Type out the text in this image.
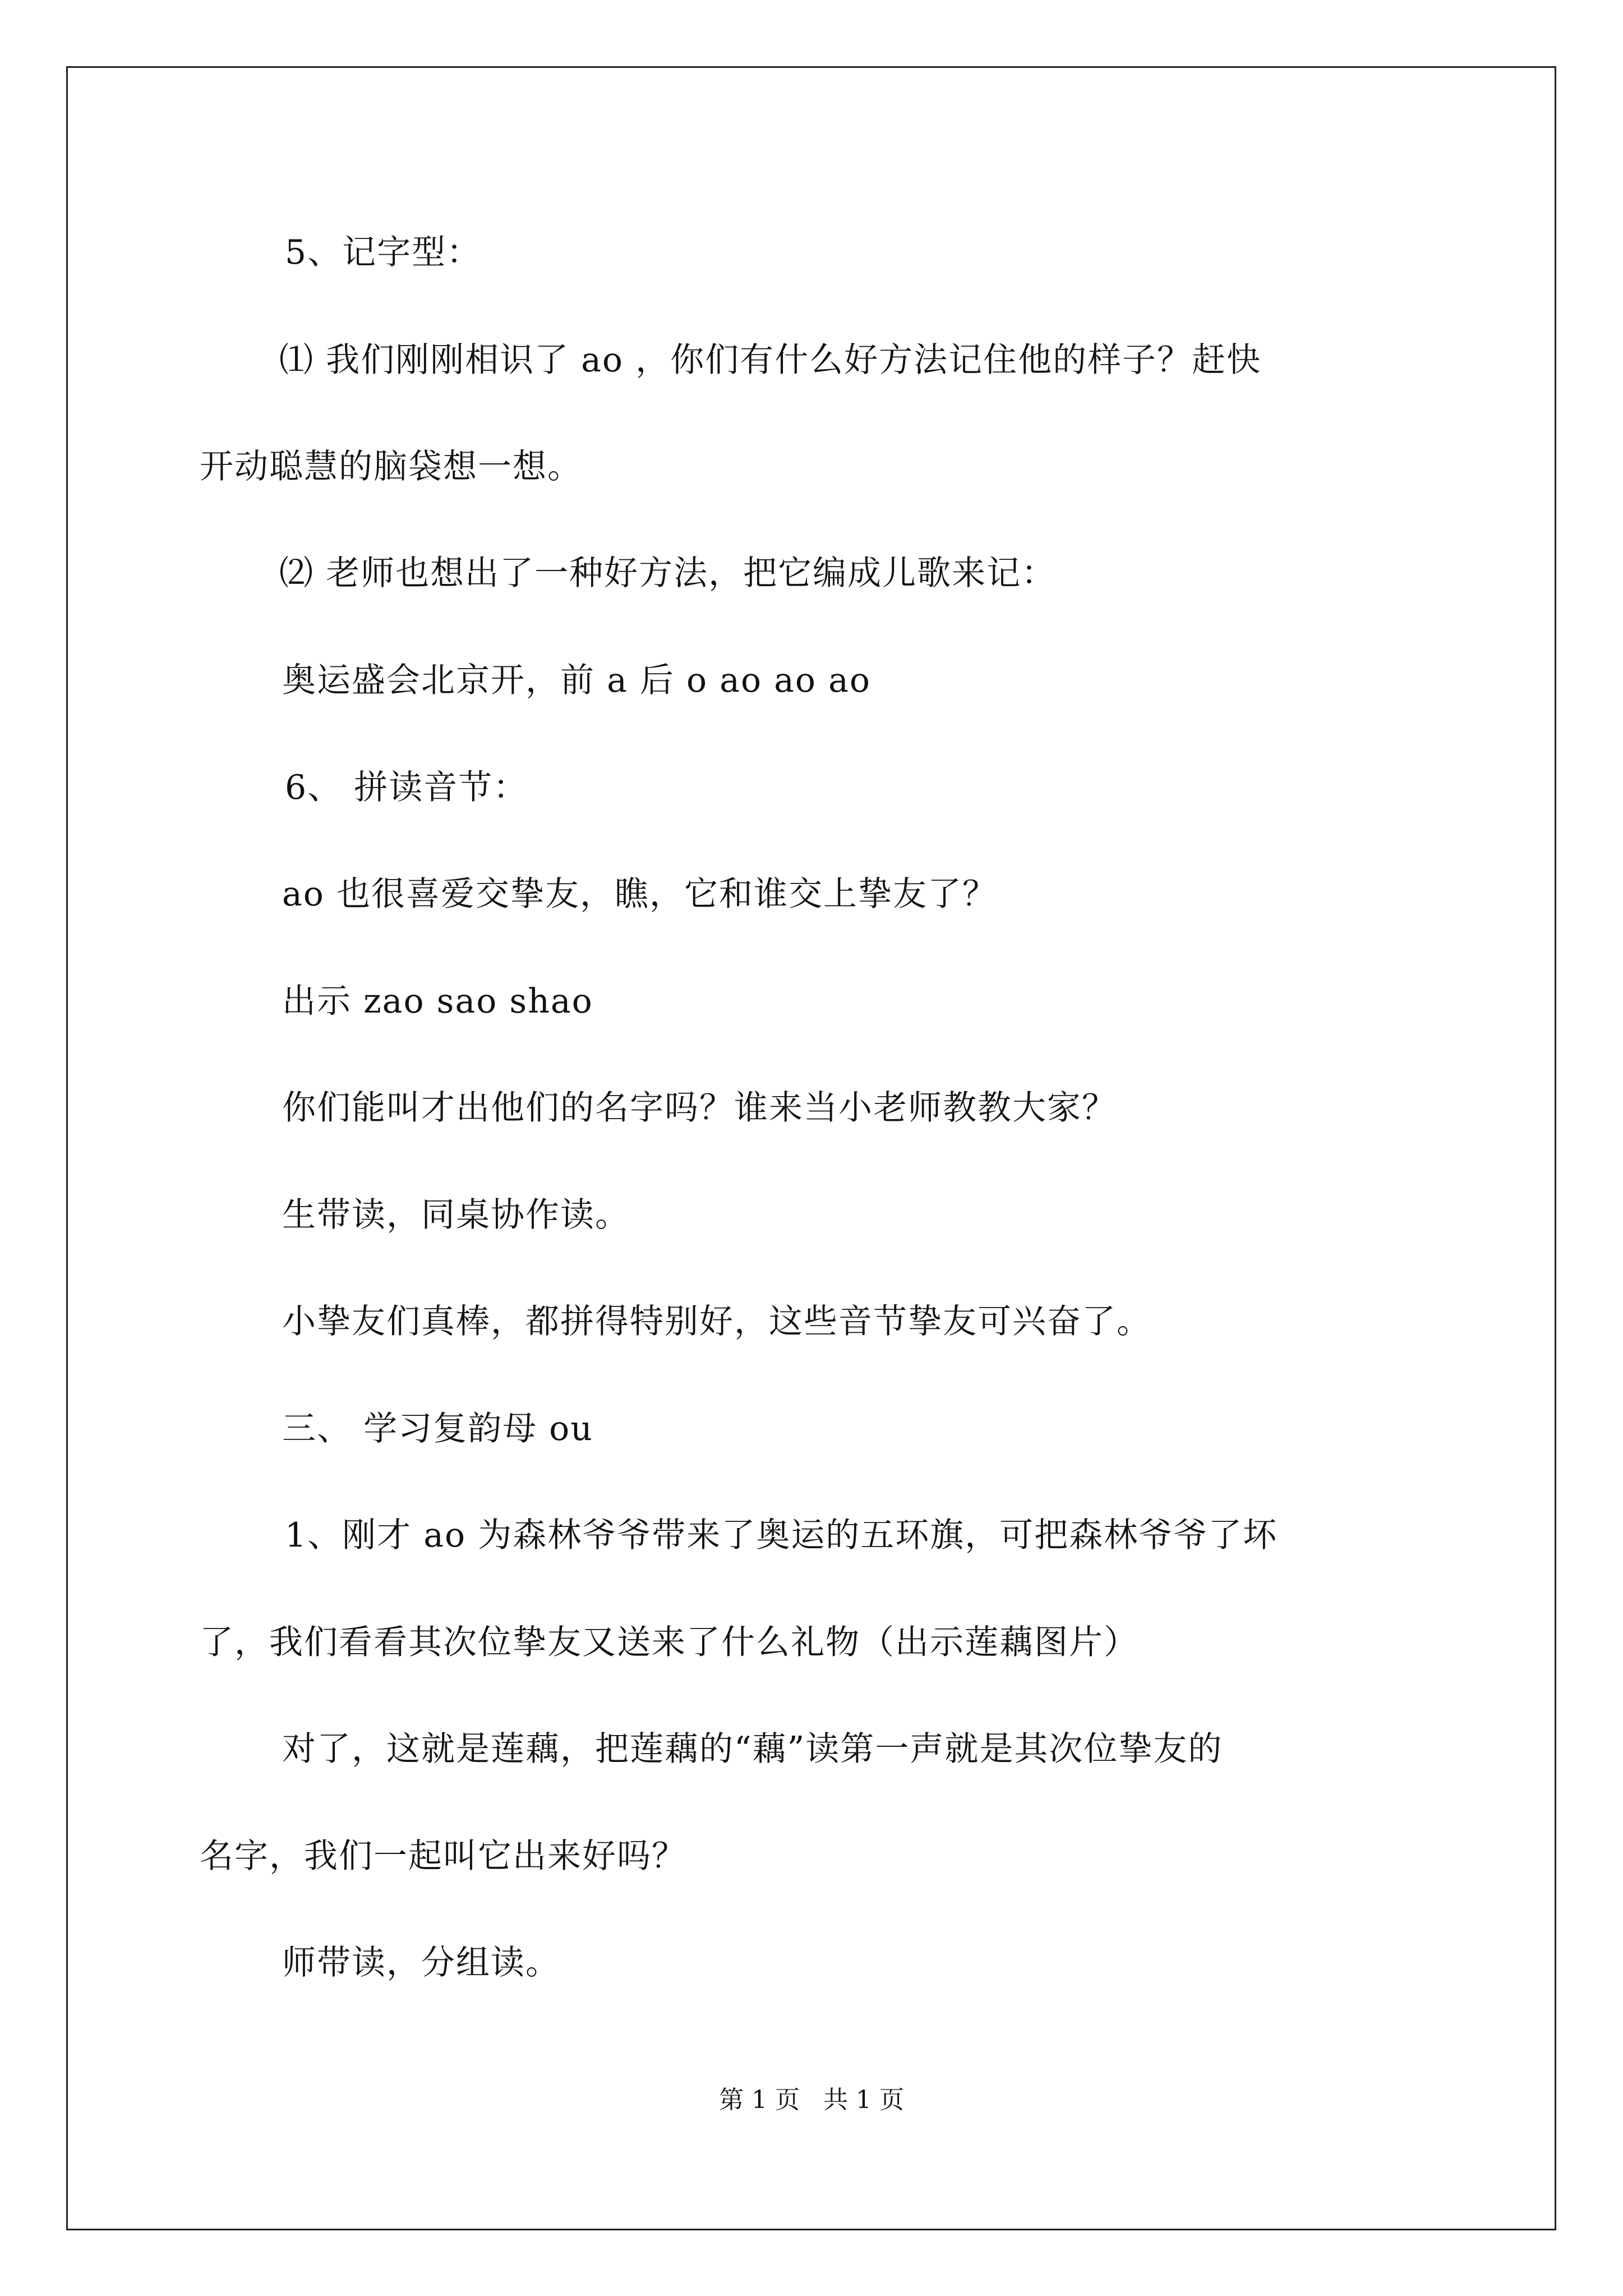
5、记字型：
⑴ 我们刚刚相识了 ao ，你们有什么好方法记住他的样子？赶快
开动聪慧的脑袋想一想。
⑵ 老师也想出了一种好方法，把它编成儿歌来记：
奥运盛会北京开，前 a 后 o ao ao ao
6、 拼读音节：
ao 也很喜爱交挚友，瞧，它和谁交上挚友了？
出示 zao sao shao
你们能叫才出他们的名字吗？谁来当小老师教教大家？
生带读，同桌协作读。
小挚友们真棒，都拼得特别好，这些音节挚友可兴奋了。
三、 学习复韵母 ou
1、刚才 ao 为森林爷爷带来了奥运的五环旗，可把森林爷爷了坏
了，我们看看其次位挚友又送来了什么礼物（出示莲藕图片）
对了，这就是莲藕，把莲藕的“藕”读第一声就是其次位挚友的
名字，我们一起叫它出来好吗？
师带读，分组读。
第 1 页   共 1 页
